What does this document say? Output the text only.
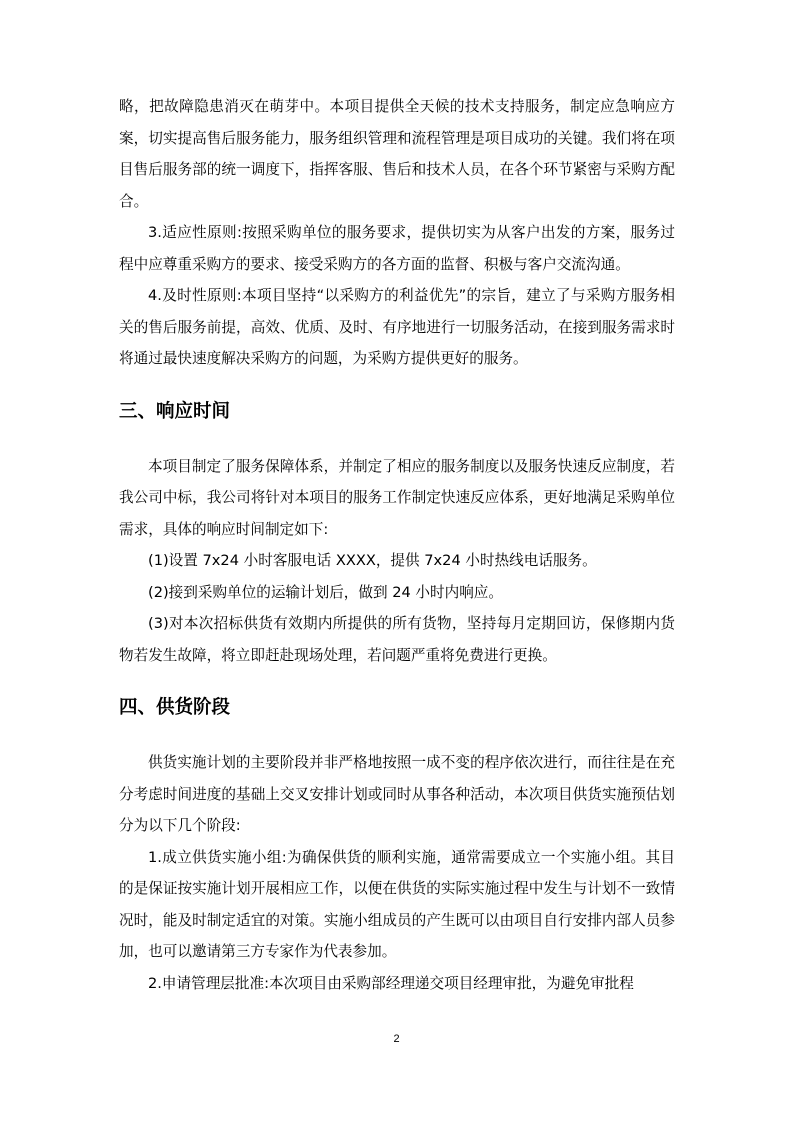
略，把故障隐患消灭在萌芽中。本项目提供全天候的技术支持服务，制定应急响应方案，切实提高售后服务能力，服务组织管理和流程管理是项目成功的关键。我们将在项目售后服务部的统一调度下，指挥客服、售后和技术人员，在各个环节紧密与采购方配合。

3.适应性原则:按照采购单位的服务要求，提供切实为从客户出发的方案，服务过程中应尊重采购方的要求、接受采购方的各方面的监督、积极与客户交流沟通。

4.及时性原则:本项目坚持“以采购方的利益优先”的宗旨，建立了与采购方服务相关的售后服务前提，高效、优质、及时、有序地进行一切服务活动，在接到服务需求时将通过最快速度解决采购方的问题，为采购方提供更好的服务。

三、响应时间

本项目制定了服务保障体系，并制定了相应的服务制度以及服务快速反应制度，若我公司中标，我公司将针对本项目的服务工作制定快速反应体系，更好地满足采购单位需求，具体的响应时间制定如下:

(1)设置 7x24 小时客服电话 XXXX，提供 7x24 小时热线电话服务。

(2)接到采购单位的运输计划后，做到 24 小时内响应。

(3)对本次招标供货有效期内所提供的所有货物，坚持每月定期回访，保修期内货物若发生故障，将立即赶赴现场处理，若问题严重将免费进行更换。

四、供货阶段

供货实施计划的主要阶段并非严格地按照一成不变的程序依次进行，而往往是在充分考虑时间进度的基础上交叉安排计划或同时从事各种活动，本次项目供货实施预估划分为以下几个阶段:

1.成立供货实施小组:为确保供货的顺利实施，通常需要成立一个实施小组。其目的是保证按实施计划开展相应工作，以便在供货的实际实施过程中发生与计划不一致情况时，能及时制定适宜的对策。实施小组成员的产生既可以由项目自行安排内部人员参加，也可以邀请第三方专家作为代表参加。

2.申请管理层批准:本次项目由采购部经理递交项目经理审批，为避免审批程

2
